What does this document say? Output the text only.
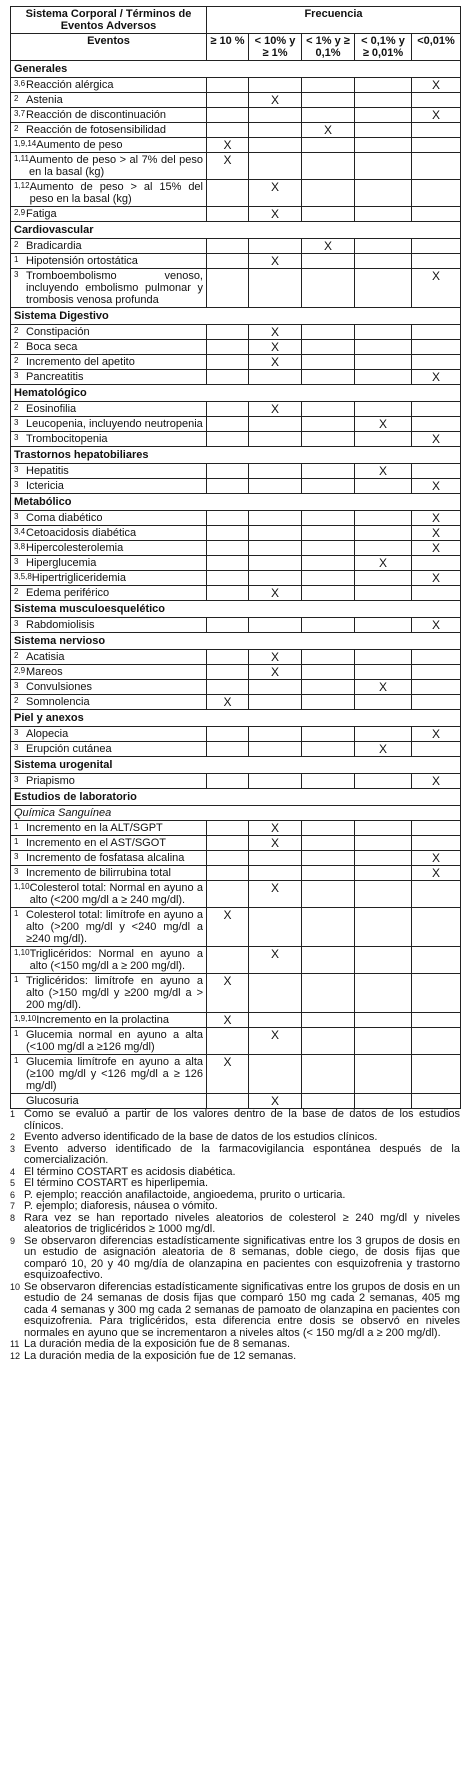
Sistema Corporal / Términos de Eventos Adversos	Frecuencia				
Eventos	≥ 10 %	< 10% y ≥ 1%	< 1% y ≥ 0,1%	< 0,1% y ≥ 0,01%	<0,01%
Generales					

3,6 Reacción alérgica					X

2 Astenia		X			

3,7 Reacción de discontinuación					X

2 Reacción de fotosensibilidad			X		

1,9,14 Aumento de peso	X				

1,11 Aumento de peso > al 7% del peso en la basal (kg)	X				

1,12 Aumento de peso > al 15% del peso en la basal (kg)		X			

2,9 Fatiga		X			
Cardiovascular					

2 Bradicardia			X		

1 Hipotensión ortostática		X			

3 Tromboembolismo venoso, incluyendo embolismo pulmonar y trombosis venosa profunda					X
Sistema Digestivo					

2 Constipación		X			

2 Boca seca		X			

2 Incremento del apetito		X			

3 Pancreatitis					X
Hematológico					

2 Eosinofilia		X			

3 Leucopenia, incluyendo neutropenia				X	

3 Trombocitopenia					X
Trastornos hepatobiliares					

3 Hepatitis				X	

3 Ictericia					X
Metabólico					

3 Coma diabético					X

3,4 Cetoacidosis diabética					X

3,8 Hipercolesterolemia					X

3 Hiperglucemia				X	

3,5,8 Hipertrigliceridemia					X

2 Edema periférico		X			
Sistema musculoesquelético					

3 Rabdomiolisis					X
Sistema nervioso					

2 Acatisia		X			

2,9 Mareos		X			

3 Convulsiones				X	

2 Somnolencia	X				
Piel y anexos					

3 Alopecia					X

3 Erupción cutánea				X	
Sistema urogenital					

3 Priapismo					X
Estudios de laboratorio					
Química Sanguínea					

1 Incremento en la ALT/SGPT		X			

1 Incremento en el AST/SGOT		X			

3 Incremento de fosfatasa alcalina					X

3 Incremento de bilirrubina total					X

1,10 Colesterol total: Normal en ayuno a alto (<200 mg/dl a ≥ 240 mg/dl).		X			

1 Colesterol total: limítrofe en ayuno a alto (>200 mg/dl y <240 mg/dl a ≥240 mg/dl).	X				

1,10 Triglicéridos: Normal en ayuno a alto (<150 mg/dl a ≥ 200 mg/dl).		X			

1 Triglicéridos: limítrofe en ayuno a alto (>150 mg/dl y ≥200 mg/dl a > 200 mg/dl).	X				

1,9,10 Incremento en la prolactina	X				

1 Glucemia normal en ayuno a alta (<100 mg/dl a ≥126 mg/dl)		X			

1 Glucemia limítrofe en ayuno a alta (≥100 mg/dl y <126 mg/dl a ≥ 126 mg/dl)	X				

Glucosuria		X			
1 Como se evaluó a partir de los valores dentro de la base de datos de los estudios clínicos.
2 Evento adverso identificado de la base de datos de los estudios clínicos.
3 Evento adverso identificado de la farmacovigilancia espontánea después de la comercialización.
4 El término COSTART es acidosis diabética.
5 El término COSTART es hiperlipemia.
6 P. ejemplo; reacción anafilactoide, angioedema, prurito o urticaria.
7 P. ejemplo; diaforesis, náusea o vómito.
8 Rara vez se han reportado niveles aleatorios de colesterol ≥ 240 mg/dl y niveles aleatorios de triglicéridos ≥ 1000 mg/dl.
9 Se observaron diferencias estadísticamente significativas entre los 3 grupos de dosis en un estudio de asignación aleatoria de 8 semanas, doble ciego, de dosis fijas que comparó 10, 20 y 40 mg/día de olanzapina en pacientes con esquizofrenia y trastorno esquizoafectivo.
10 Se observaron diferencias estadísticamente significativas entre los grupos de dosis en un estudio de 24 semanas de dosis fijas que comparó 150 mg cada 2 semanas, 405 mg cada 4 semanas y 300 mg cada 2 semanas de pamoato de olanzapina en pacientes con esquizofrenia. Para triglicéridos, esta diferencia entre dosis se observó en niveles normales en ayuno que se incrementaron a niveles altos (< 150 mg/dl a ≥ 200 mg/dl).
11 La duración media de la exposición fue de 8 semanas.
12 La duración media de la exposición fue de 12 semanas.
